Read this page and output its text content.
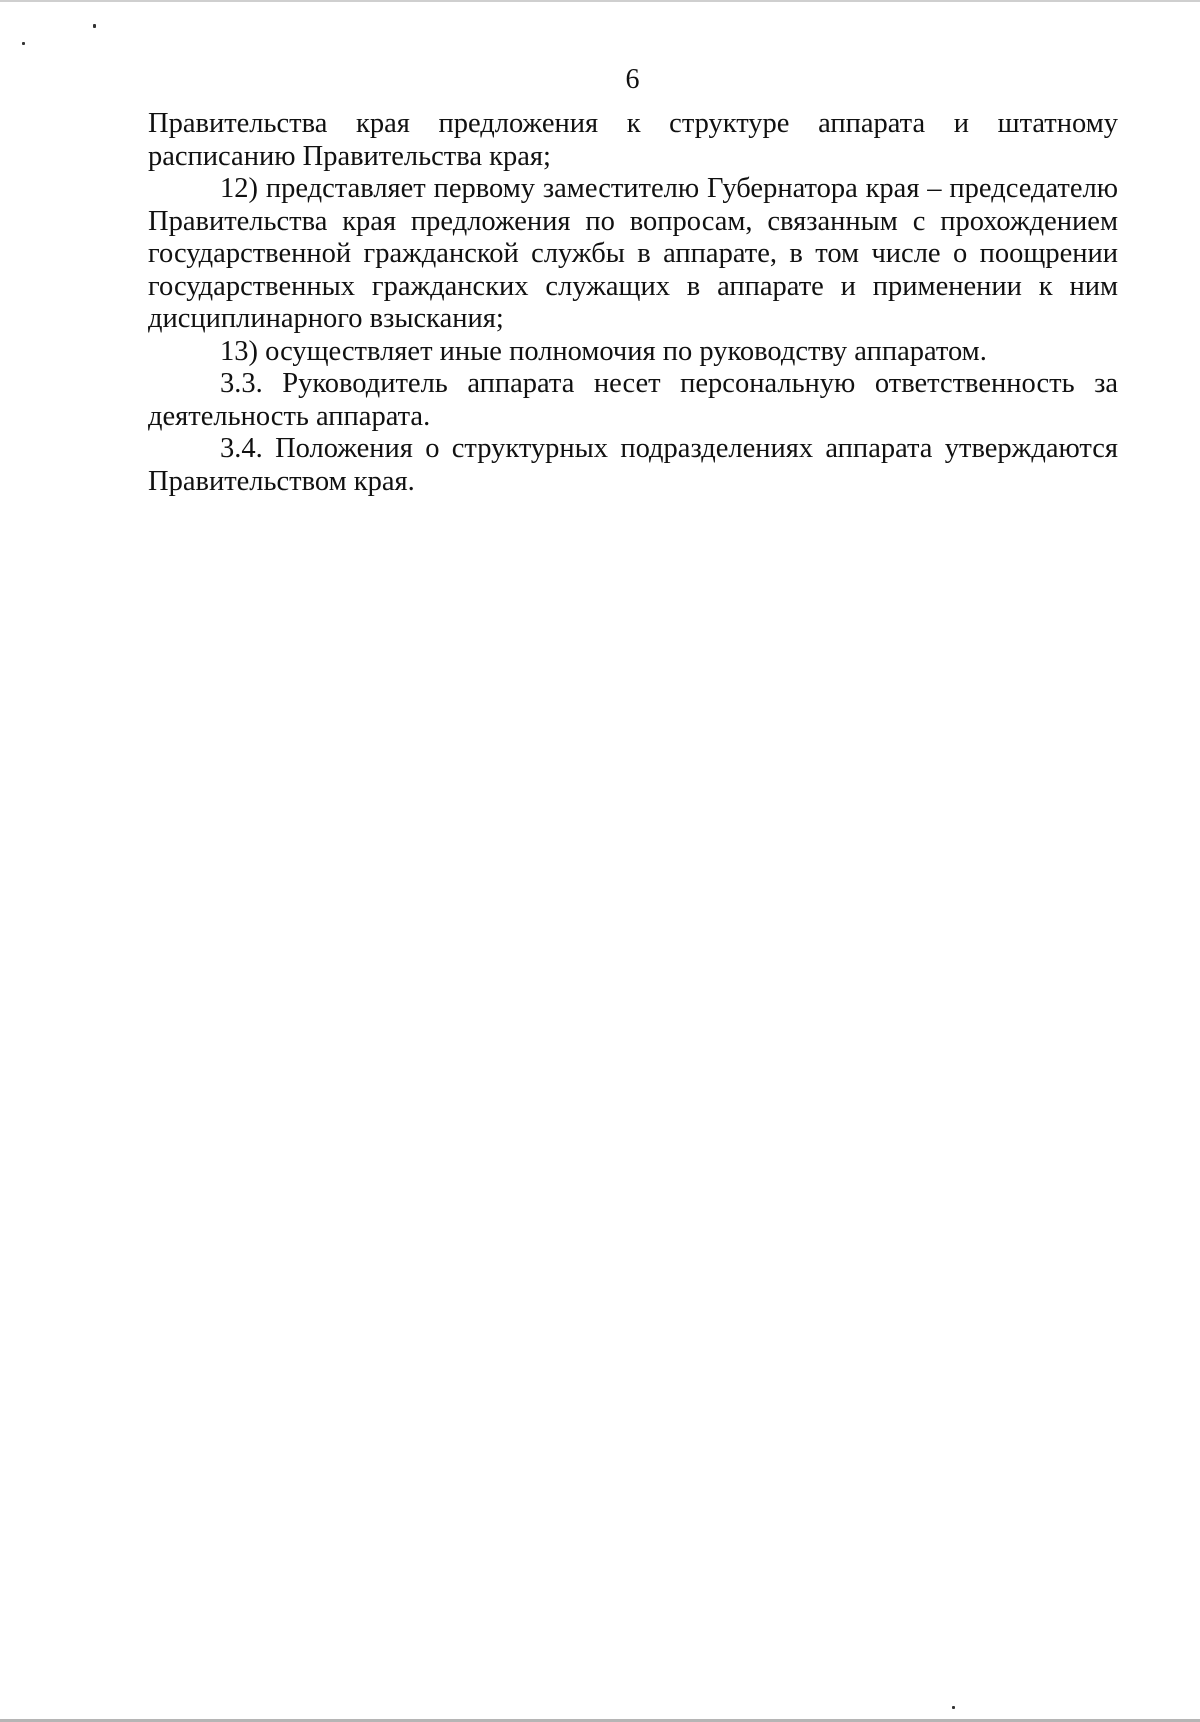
6

Правительства края предложения к структуре аппарата и штатному расписанию Правительства края;

12) представляет первому заместителю Губернатора края – председателю Правительства края предложения по вопросам, связанным с прохождением государственной гражданской службы в аппарате, в том числе о поощрении государственных гражданских служащих в аппарате и применении к ним дисциплинарного взыскания;

13) осуществляет иные полномочия по руководству аппаратом.

3.3. Руководитель аппарата несет персональную ответственность за деятельность аппарата.

3.4. Положения о структурных подразделениях аппарата утверждаются Правительством края.
